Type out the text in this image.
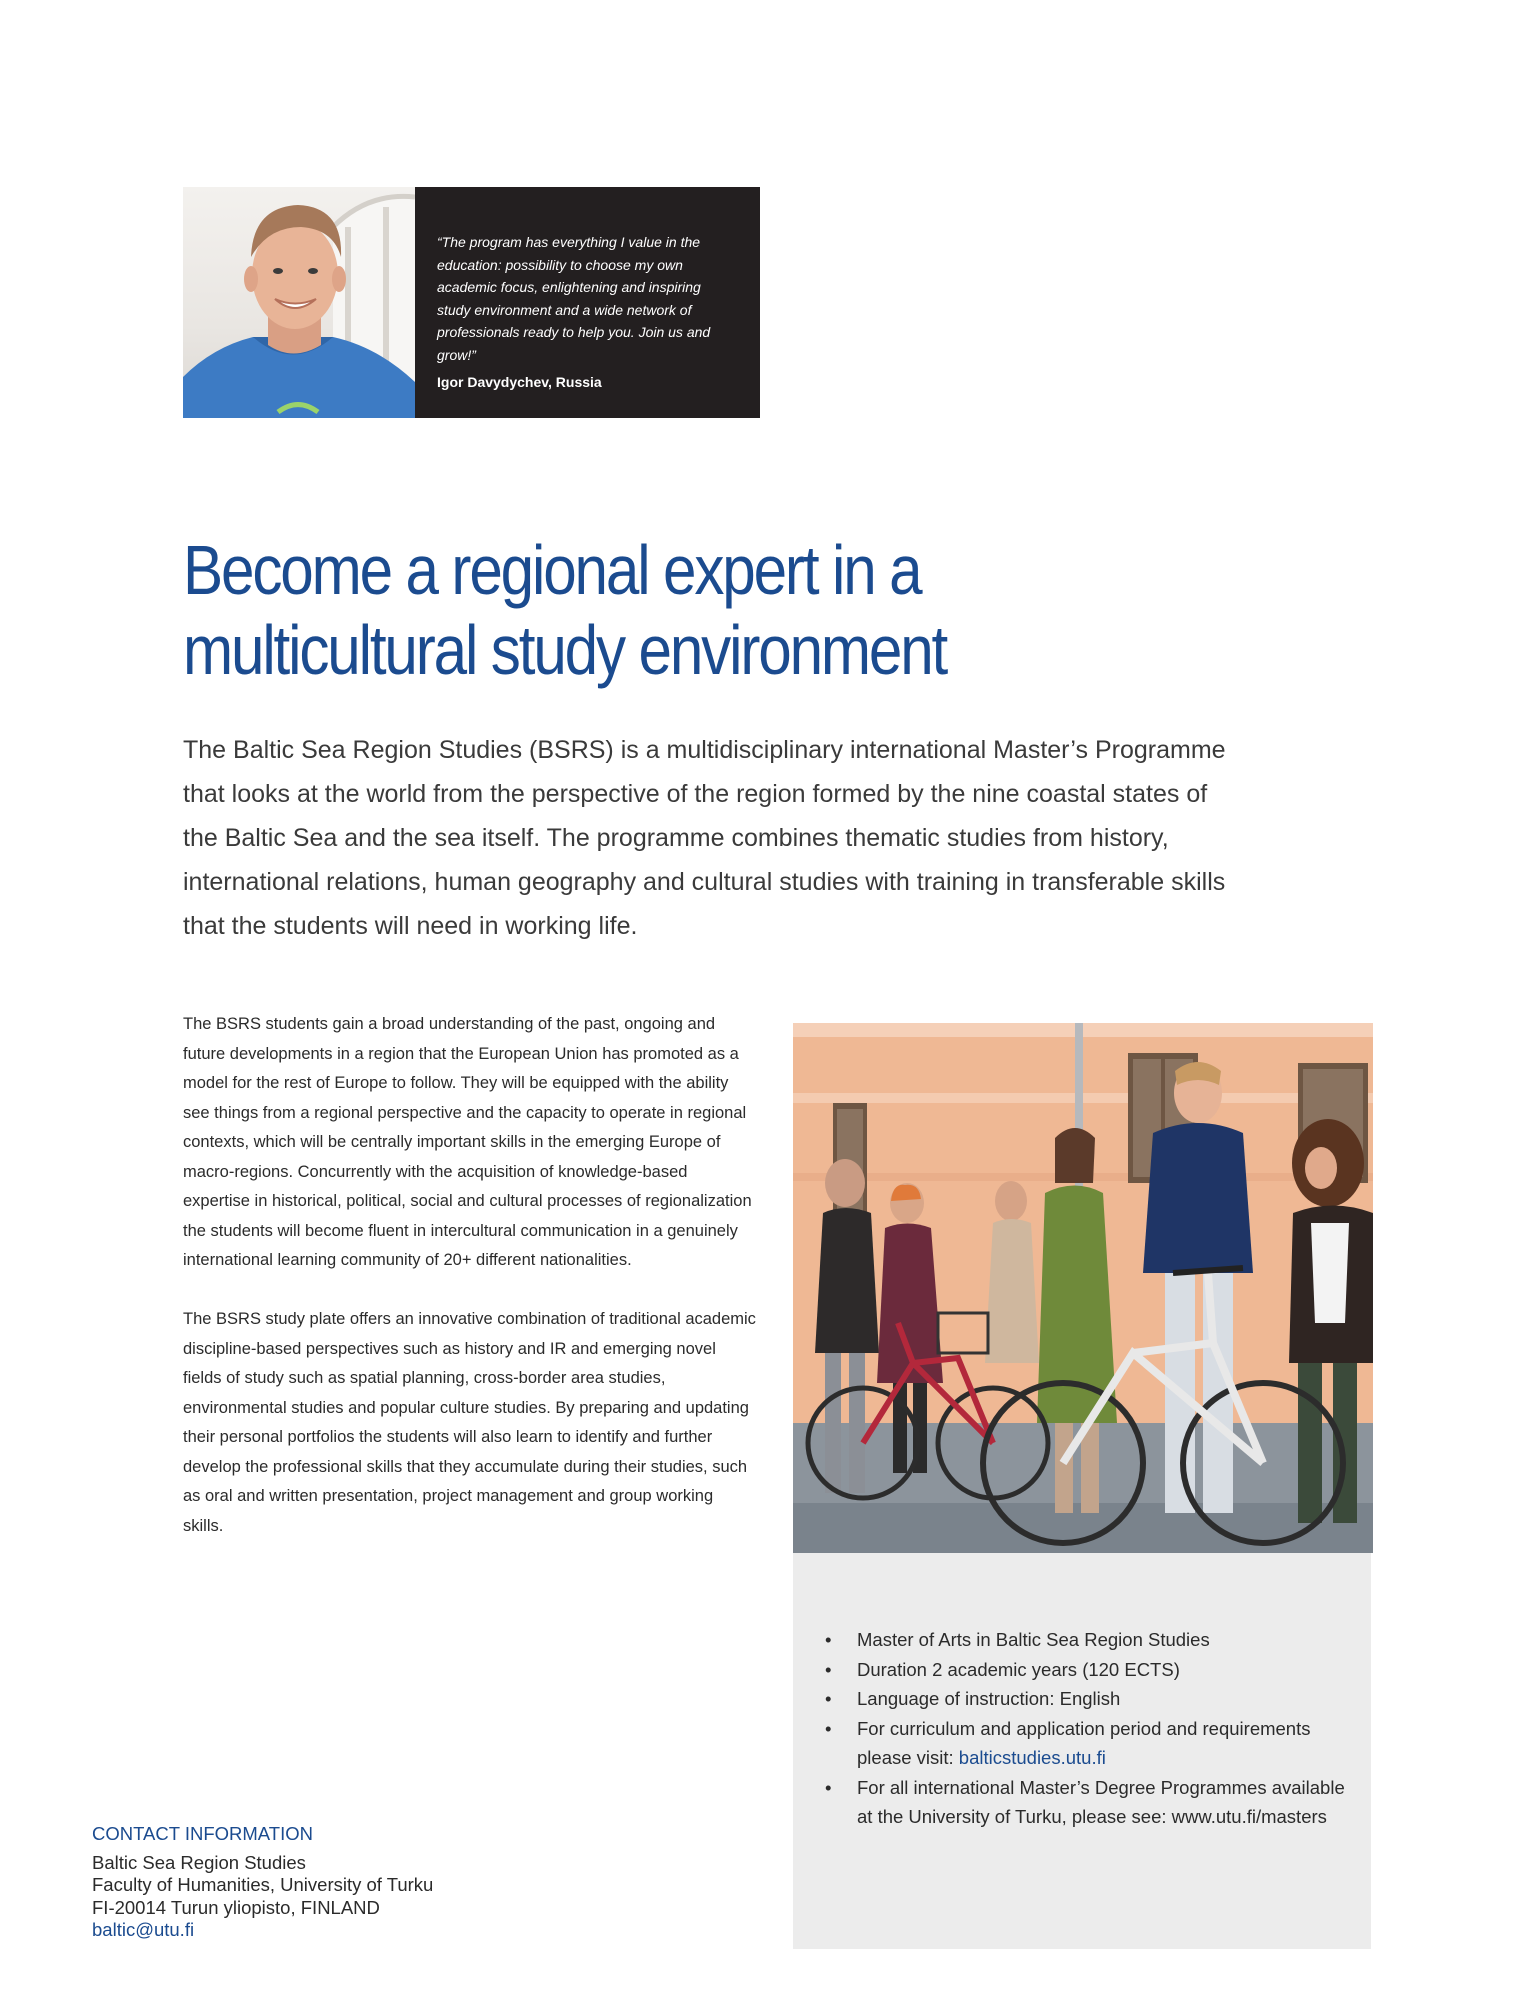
“The program has everything I value in the education: possibility to choose my own academic focus, enlightening and inspiring study environment and a wide network of professionals ready to help you. Join us and grow!”

Igor Davydychev, Russia
Become a regional expert in a
multicultural study environment

The Baltic Sea Region Studies (BSRS) is a multidisciplinary international Master’s Programme that looks at the world from the perspective of the region formed by the nine coastal states of the Baltic Sea and the sea itself. The programme combines thematic studies from history, international relations, human geography and cultural studies with training in transferable skills that the students will need in working life.

The BSRS students gain a broad understanding of the past, ongoing and future developments in a region that the European Union has promoted as a model for the rest of Europe to follow. They will be equipped with the ability see things from a regional perspective and the capacity to operate in regional contexts, which will be centrally important skills in the emerging Europe of macro-regions. Concurrently with the acquisition of knowledge-based expertise in historical, political, social and cultural processes of regionalization the students will become fluent in intercultural communication in a genuinely international learning community of 20+ different nationalities.

The BSRS study plate offers an innovative combination of traditional academic discipline-based perspectives such as history and IR and emerging novel fields of study such as spatial planning, cross-border area studies, environmental studies and popular culture studies. By preparing and updating their personal portfolios the students will also learn to identify and further develop the professional skills that they accumulate during their studies, such as oral and written presentation, project management and group working skills.

• Master of Arts in Baltic Sea Region Studies
• Duration 2 academic years (120 ECTS)
• Language of instruction: English
• For curriculum and application period and requirements please visit: balticstudies.utu.fi
• For all international Master’s Degree Programmes available at the University of Turku, please see: www.utu.fi/masters
CONTACT INFORMATION
Baltic Sea Region Studies
Faculty of Humanities, University of Turku
FI-20014 Turun yliopisto, FINLAND
baltic@utu.fi
